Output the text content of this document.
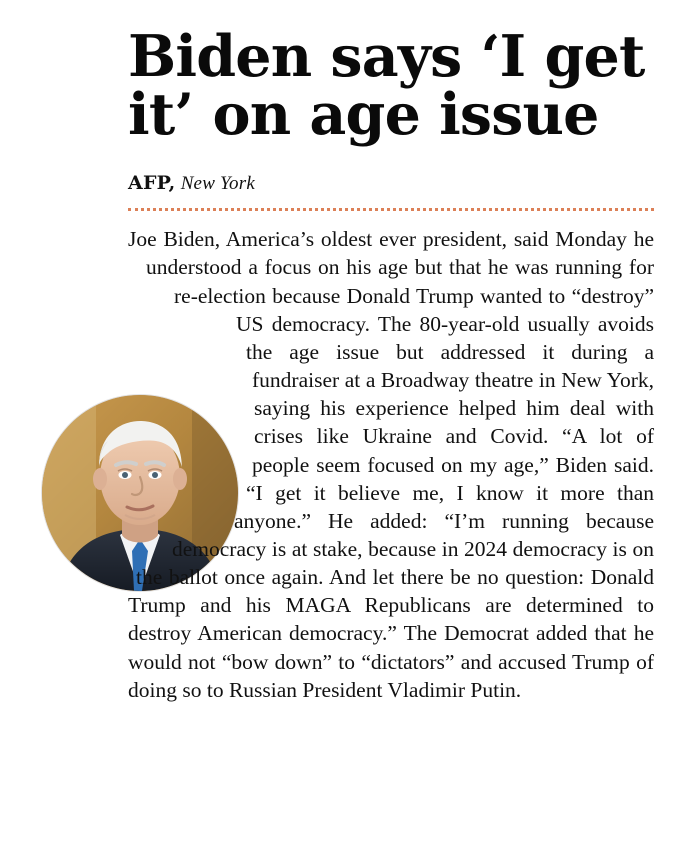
Biden says ‘I get it’ on age issue
AFP, New York

Joe Biden, America’s oldest ever president, said Monday he understood a focus on his age but that he was running for re-election because Donald Trump wanted to “destroy” US democracy. The 80-year-old usually avoids the age issue but addressed it during a fundraiser at a Broadway theatre in New York, saying his experience helped him deal with crises like Ukraine and Covid. “A lot of people seem focused on my age,” Biden said. “I get it believe me, I know it more than anyone.” He added: “I’m running because democracy is at stake, because in 2024 democracy is on the ballot once again. And let there be no question: Donald Trump and his MAGA Republicans are determined to destroy American democracy.” The Democrat added that he would not “bow down” to “dictators” and accused Trump of doing so to Russian President Vladimir Putin.
